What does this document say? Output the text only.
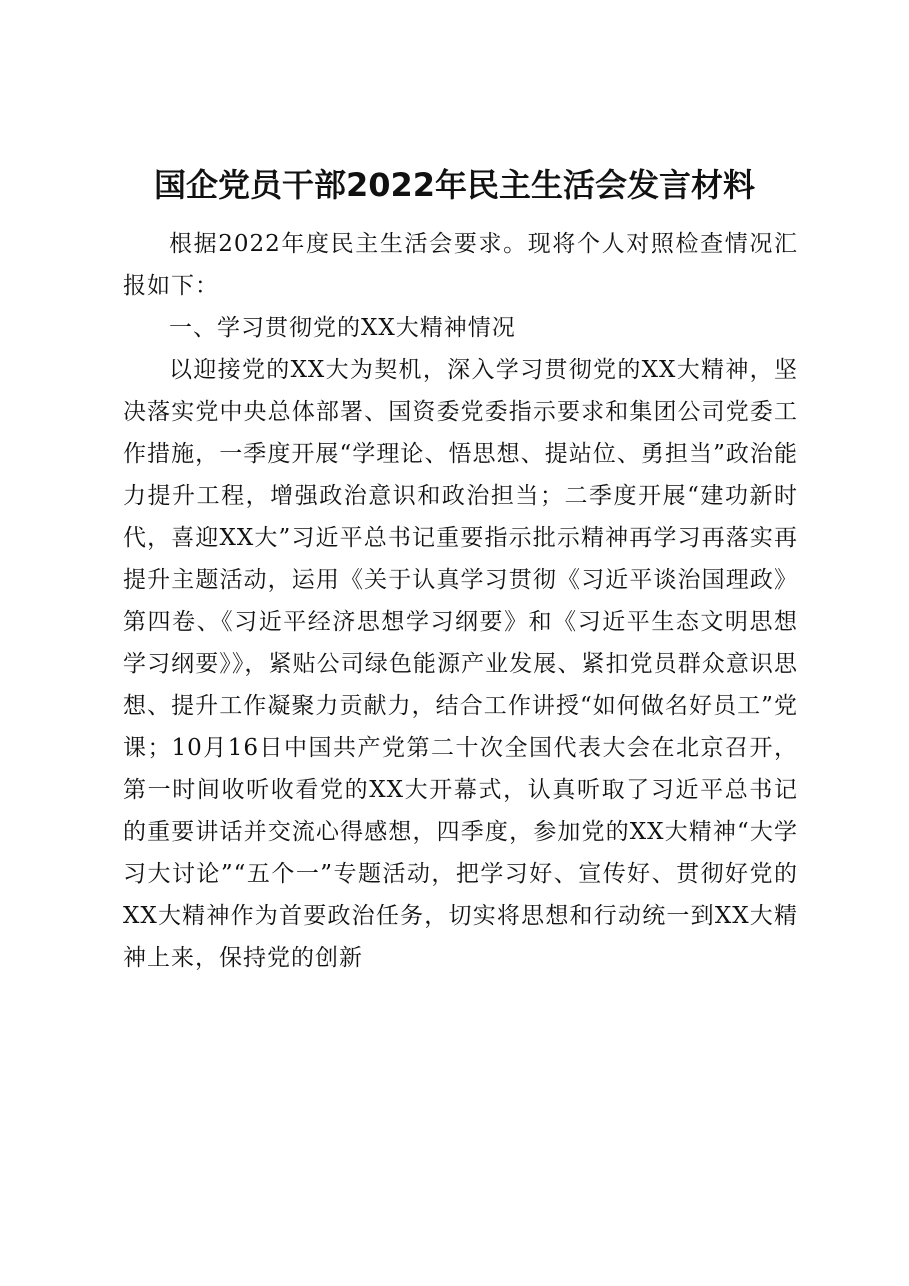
国企党员干部2022年民主生活会发言材料

根据2022年度民主生活会要求。现将个人对照检查情况汇报如下：

一、学习贯彻党的XX大精神情况

以迎接党的XX大为契机，深入学习贯彻党的XX大精神，坚决落实党中央总体部署、国资委党委指示要求和集团公司党委工作措施，一季度开展“学理论、悟思想、提站位、勇担当”政治能力提升工程，增强政治意识和政治担当；二季度开展“建功新时代，喜迎XX大”习近平总书记重要指示批示精神再学习再落实再提升主题活动，运用《关于认真学习贯彻《习近平谈治国理政》第四卷、《习近平经济思想学习纲要》和《习近平生态文明思想学习纲要》》，紧贴公司绿色能源产业发展、紧扣党员群众意识思想、提升工作凝聚力贡献力，结合工作讲授“如何做名好员工”党课；10月16日中国共产党第二十次全国代表大会在北京召开，第一时间收听收看党的XX大开幕式，认真听取了习近平总书记的重要讲话并交流心得感想，四季度，参加党的XX大精神“大学习大讨论”“五个一”专题活动，把学习好、宣传好、贯彻好党的XX大精神作为首要政治任务，切实将思想和行动统一到XX大精神上来，保持党的创新
